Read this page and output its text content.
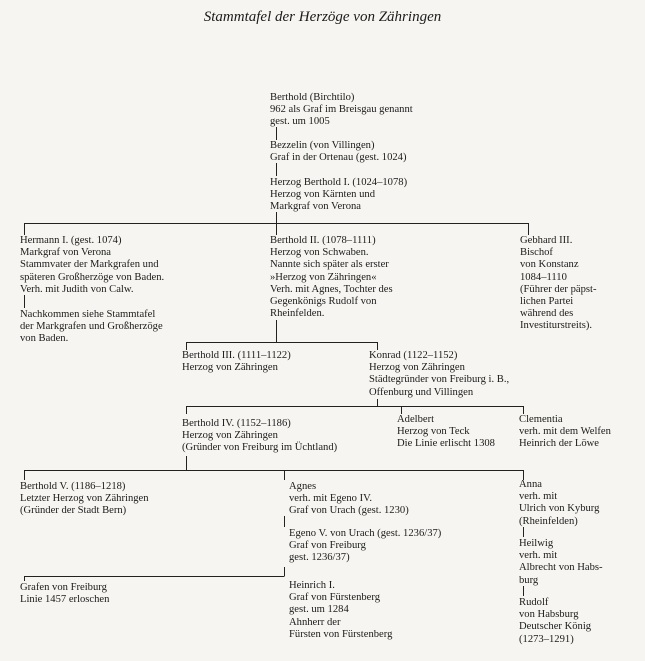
Stammtafel der Herzöge von Zähringen
Berthold (Birchtilo)
962 als Graf im Breisgau genannt
gest. um 1005
Bezzelin (von Villingen)
Graf in der Ortenau (gest. 1024)
Herzog Berthold I. (1024–1078)
Herzog von Kärnten und
Markgraf von Verona
Hermann I. (gest. 1074)
Markgraf von Verona
Stammvater der Markgrafen und
späteren Großherzöge von Baden.
Verh. mit Judith von Calw.
Nachkommen siehe Stammtafel
der Markgrafen und Großherzöge
von Baden.
Berthold II. (1078–1111)
Herzog von Schwaben.
Nannte sich später als erster
»Herzog von Zähringen«
Verh. mit Agnes, Tochter des
Gegenkönigs Rudolf von
Rheinfelden.
Gebhard III.
Bischof
von Konstanz
1084–1110
(Führer der päpst-
lichen Partei
während des
Investiturstreits).
Berthold III. (1111–1122)
Herzog von Zähringen
Konrad (1122–1152)
Herzog von Zähringen
Städtegründer von Freiburg i. B.,
Offenburg und Villingen
Berthold IV. (1152–1186)
Herzog von Zähringen
(Gründer von Freiburg im Üchtland)
Adelbert
Herzog von Teck
Die Linie erlischt 1308
Clementia
verh. mit dem Welfen
Heinrich der Löwe
Berthold V. (1186–1218)
Letzter Herzog von Zähringen
(Gründer der Stadt Bern)
Agnes
verh. mit Egeno IV.
Graf von Urach (gest. 1230)
Egeno V. von Urach (gest. 1236/37)
Graf von Freiburg
gest. 1236/37)
Anna
verh. mit
Ulrich von Kyburg
(Rheinfelden)
Heilwig
verh. mit
Albrecht von Habs-
burg
Rudolf
von Habsburg
Deutscher König
(1273–1291)
Grafen von Freiburg
Linie 1457 erloschen
Heinrich I.
Graf von Fürstenberg
gest. um 1284
Ahnherr der
Fürsten von Fürstenberg
